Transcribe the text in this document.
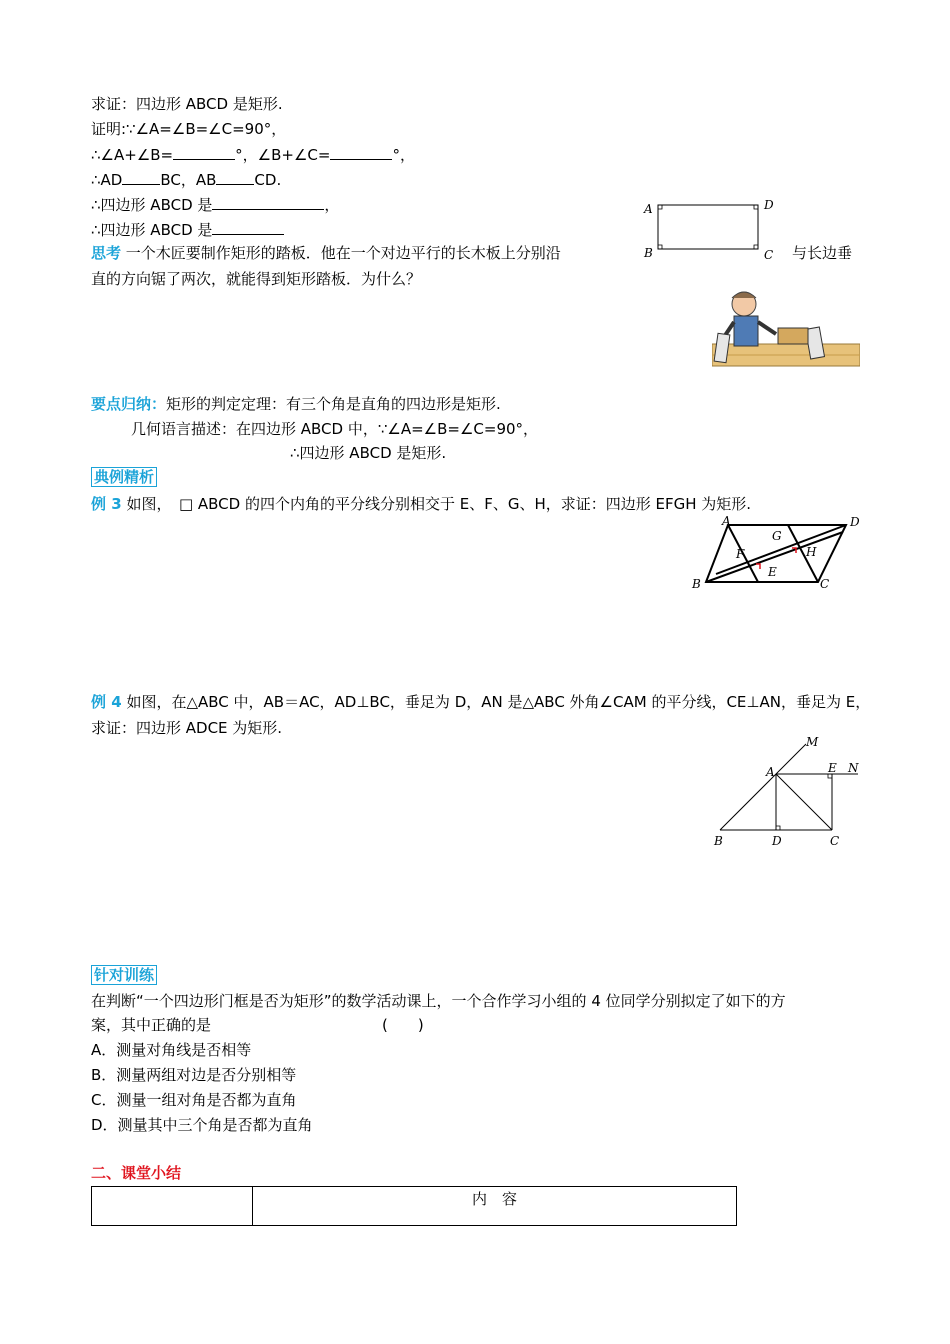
求证：四边形 ABCD 是矩形.
证明:∵∠A=∠B=∠C=90°，
∴∠A+∠B=	°，∠B+∠C=	°，
∴AD	BC，AB	CD.
∴四边形 ABCD 是	，
∴四边形 ABCD 是
A
B	C
D
思考 一个木匠要制作矩形的踏板．他在一个对边平行的长木板上分别沿	与长边垂
直的方向锯了两次，就能得到矩形踏板．为什么？
要点归纳：矩形的判定定理：有三个角是直角的四边形是矩形.
几何语言描述：在四边形 ABCD 中，∵∠A=∠B=∠C=90°，
∴四边形 ABCD 是矩形.
典例精析
例 3 如图，　□ ABCD 的四个内角的平分线分别相交于 E、F、G、H，求证：四边形 EFGH 为矩形.
A	D
B	C
F
G
H
E
例 4 如图，在△ABC 中，AB＝AC，AD⊥BC，垂足为 D，AN 是△ABC 外角∠CAM 的平分线，CE⊥AN，垂足为 E，
求证：四边形 ADCE 为矩形.
M
A	E N
B	D	C
针对训练
在判断“一个四边形门框是否为矩形”的数学活动课上，一个合作学习小组的 4 位同学分别拟定了如下的方
案，其中正确的是	(　　)
A．测量对角线是否相等
B．测量两组对边是否分别相等
C．测量一组对角是否都为直角
D．测量其中三个角是否都为直角
二、课堂小结
	内　容
